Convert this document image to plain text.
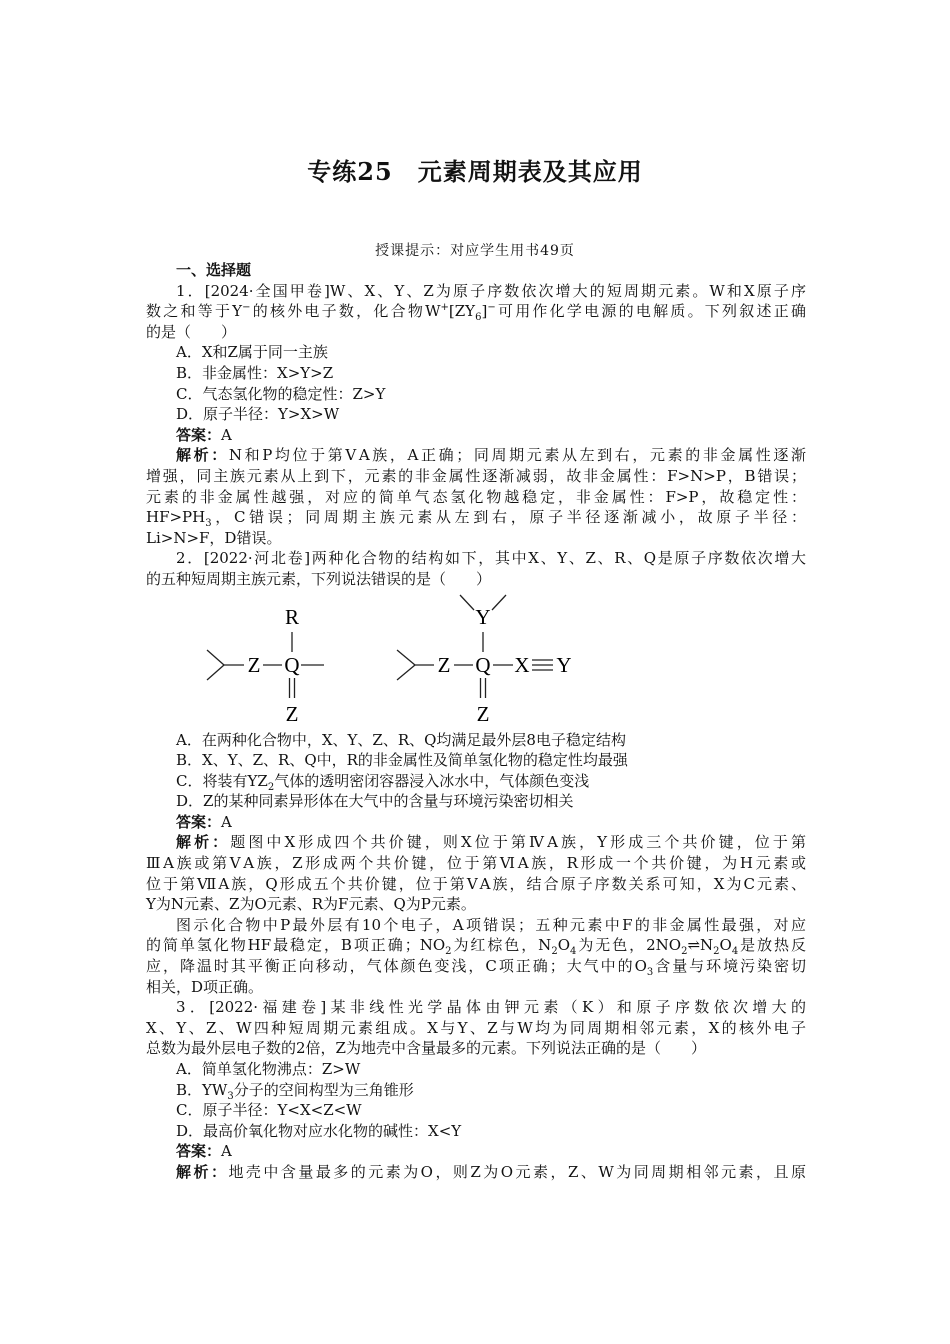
专练25　元素周期表及其应用
授课提示：对应学生用书49页

一、选择题

1．[2024·全国甲卷]W、X、Y、Z为原子序数依次增大的短周期元素。W和X原子序

数之和等于Y−的核外电子数，化合物$W^+[ZY_6]^-$可用作化学电源的电解质。下列叙述正确

的是（　　）

A．X和Z属于同一主族

B．非金属性：X>Y>Z

C．气态氢化物的稳定性：Z>Y

D．原子半径：Y>X>W

答案：A

解析：N和P均位于第ⅤA族，A正确；同周期元素从左到右，元素的非金属性逐渐

增强，同主族元素从上到下，元素的非金属性逐渐减弱，故非金属性：F>N>P，B错误；

元素的非金属性越强，对应的简单气态氢化物越稳定，非金属性：F>P，故稳定性：

$HF>PH_3$，C错误；同周期主族元素从左到右，原子半径逐渐减小，故原子半径：

Li>N>F，D错误。

2．[2022·河北卷]两种化合物的结构如下，其中X、Y、Z、R、Q是原子序数依次增大

的五种短周期主族元素，下列说法错误的是（　　）

R
Z Q
Z
Y
Z Q X Y
Z

A．在两种化合物中，X、Y、Z、R、Q均满足最外层8电子稳定结构

B．X、Y、Z、R、Q中，R的非金属性及简单氢化物的稳定性均最强

C．将装有$YZ_2$气体的透明密闭容器浸入冰水中，气体颜色变浅

D．Z的某种同素异形体在大气中的含量与环境污染密切相关

答案：A

解析：题图中X形成四个共价键，则X位于第ⅣA族，Y形成三个共价键，位于第

ⅢA族或第ⅤA族，Z形成两个共价键，位于第ⅥA族，R形成一个共价键，为H元素或

位于第ⅦA族，Q形成五个共价键，位于第ⅤA族，结合原子序数关系可知，X为C元素、

Y为N元素、Z为O元素、R为F元素、Q为P元素。

图示化合物中P最外层有10个电子，A项错误；五种元素中F的非金属性最强，对应

的简单氢化物HF最稳定，B项正确；$NO_2$为红棕色，$N_2O_4$为无色，$2NO_2\rightleftharpoons N_2O_4$是放热反

应，降温时其平衡正向移动，气体颜色变浅，C项正确；大气中的$O_3$含量与环境污染密切

相关，D项正确。

3．[2022·福建卷]某非线性光学晶体由钾元素（K）和原子序数依次增大的

X、Y、Z、W四种短周期元素组成。X与Y、Z与W均为同周期相邻元素，X的核外电子

总数为最外层电子数的2倍，Z为地壳中含量最多的元素。下列说法正确的是（　　）

A．简单氢化物沸点：Z>W

B．$YW_3$分子的空间构型为三角锥形

C．原子半径：Y<X<Z<W

D．最高价氧化物对应水化物的碱性：X<Y

答案：A

解析：地壳中含量最多的元素为O，则Z为O元素，Z、W为同周期相邻元素，且原
